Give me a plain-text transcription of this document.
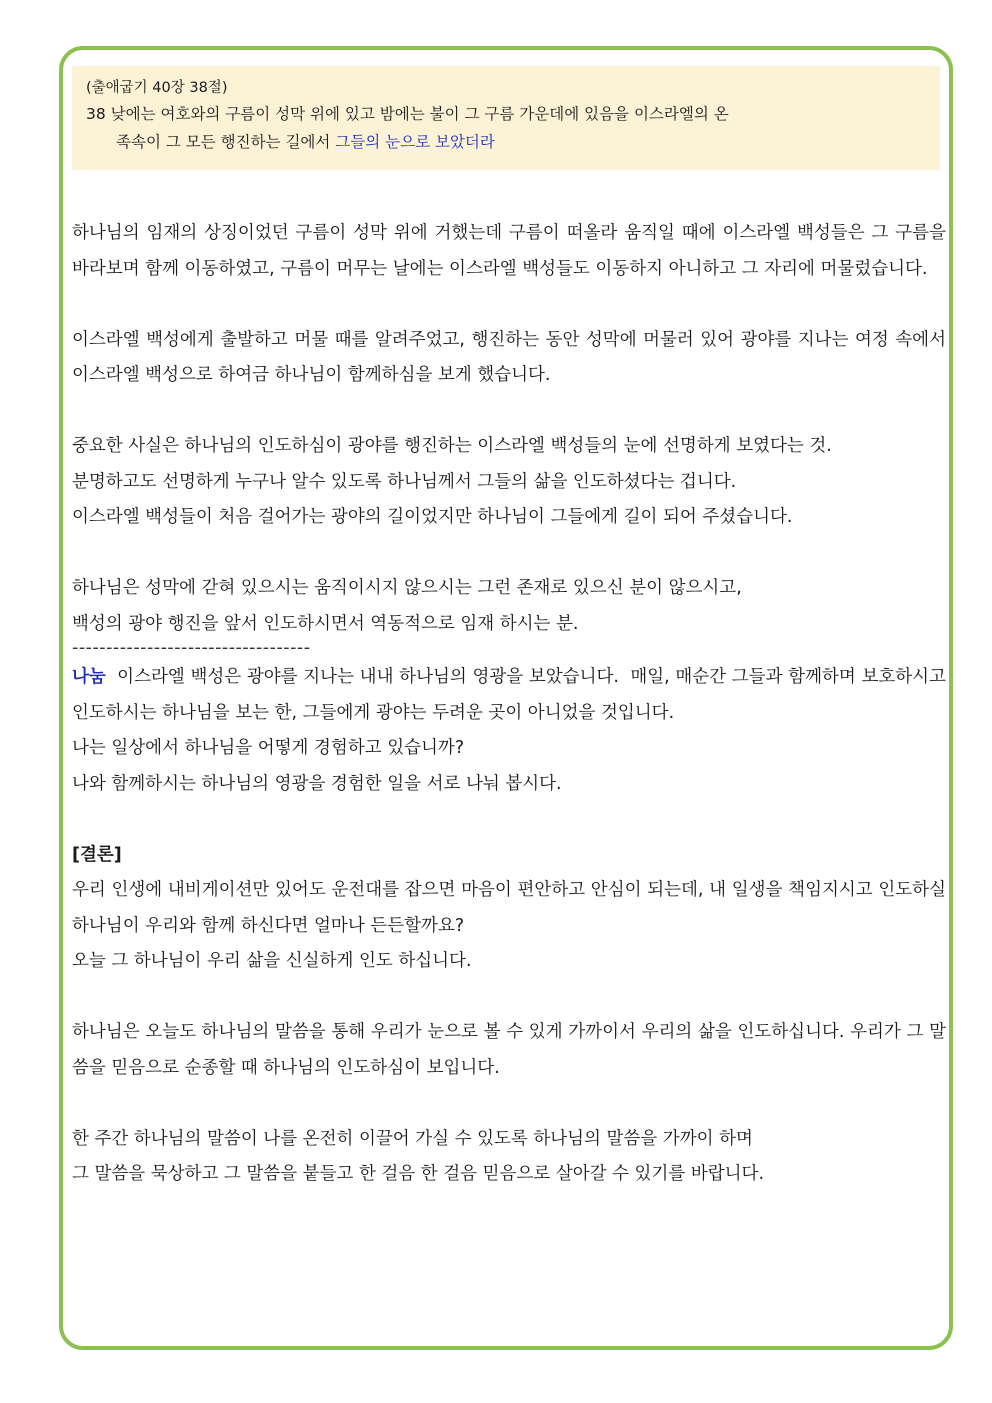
(출애굽기 40장 38절)
38 낮에는 여호와의 구름이 성막 위에 있고 밤에는 불이 그 구름 가운데에 있음을 이스라엘의 온
족속이 그 모든 행진하는 길에서 그들의 눈으로 보았더라

하나님의 임재의 상징이었던 구름이 성막 위에 거했는데 구름이 떠올라 움직일 때에 이스라엘 백성들은 그 구름을 바라보며 함께 이동하였고, 구름이 머무는 날에는 이스라엘 백성들도 이동하지 아니하고 그 자리에 머물렀습니다.

이스라엘 백성에게 출발하고 머물 때를 알려주었고, 행진하는 동안 성막에 머물러 있어 광야를 지나는 여정 속에서 이스라엘 백성으로 하여금 하나님이 함께하심을 보게 했습니다.

중요한 사실은 하나님의 인도하심이 광야를 행진하는 이스라엘 백성들의 눈에 선명하게 보였다는 것.

분명하고도 선명하게 누구나 알수 있도록 하나님께서 그들의 삶을 인도하셨다는 겁니다.

이스라엘 백성들이 처음 걸어가는 광야의 길이었지만 하나님이 그들에게 길이 되어 주셨습니다.

하나님은 성막에 갇혀 있으시는 움직이시지 않으시는 그런 존재로 있으신 분이 않으시고,

백성의 광야 행진을 앞서 인도하시면서 역동적으로 임재 하시는 분.

-----------------------------------

나눔  이스라엘 백성은 광야를 지나는 내내 하나님의 영광을 보았습니다.  매일, 매순간 그들과 함께하며 보호하시고 인도하시는 하나님을 보는 한, 그들에게 광야는 두려운 곳이 아니었을 것입니다.

나는 일상에서 하나님을 어떻게 경험하고 있습니까?

나와 함께하시는 하나님의 영광을 경험한 일을 서로 나눠 봅시다.

[결론]

우리 인생에 내비게이션만 있어도 운전대를 잡으면 마음이 편안하고 안심이 되는데, 내 일생을 책임지시고 인도하실 하나님이 우리와 함께 하신다면 얼마나 든든할까요?

오늘 그 하나님이 우리 삶을 신실하게 인도 하십니다.

하나님은 오늘도 하나님의 말씀을 통해 우리가 눈으로 볼 수 있게 가까이서 우리의 삶을 인도하십니다. 우리가 그 말씀을 믿음으로 순종할 때 하나님의 인도하심이 보입니다.

한 주간 하나님의 말씀이 나를 온전히 이끌어 가실 수 있도록 하나님의 말씀을 가까이 하며

그 말씀을 묵상하고 그 말씀을 붙들고 한 걸음 한 걸음 믿음으로 살아갈 수 있기를 바랍니다.
